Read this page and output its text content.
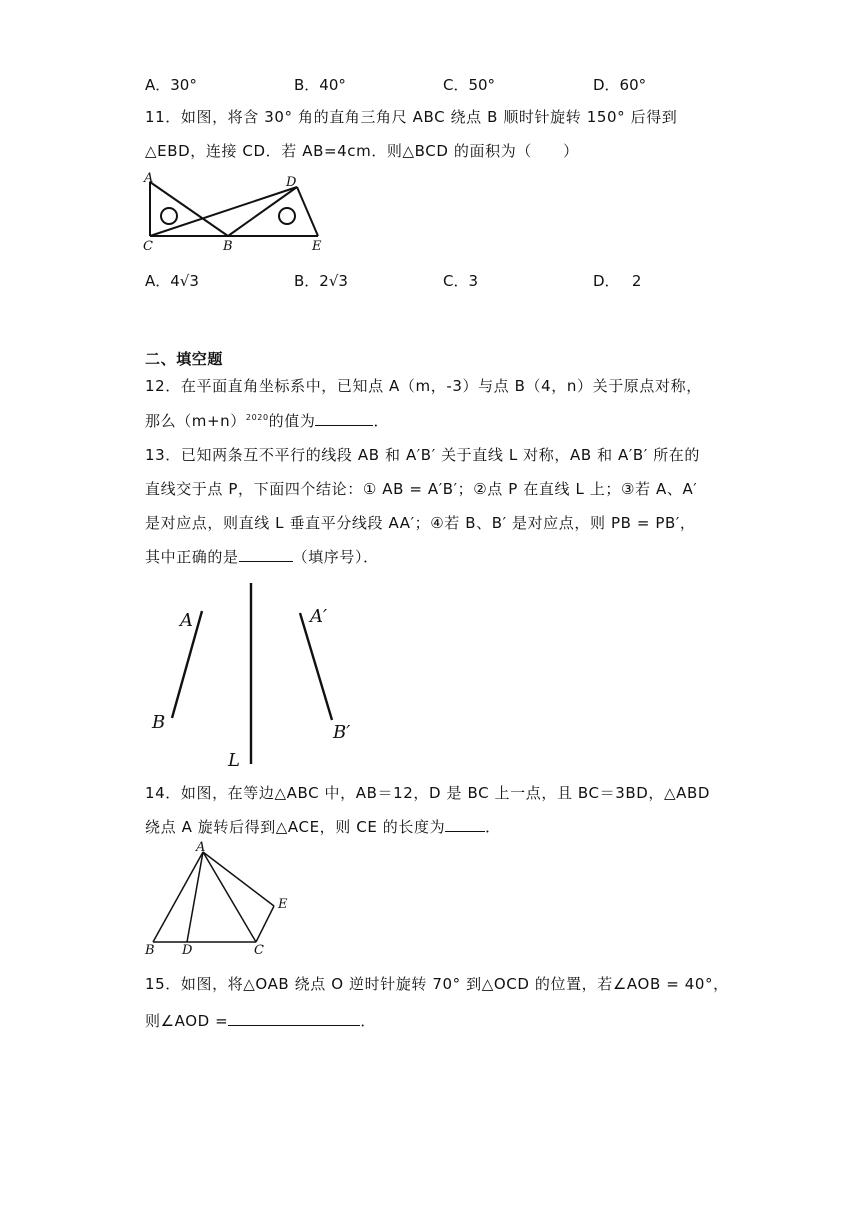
A．30°	B．40°	C．50°	D．60°
11．如图，将含 30° 角的直角三角尺 ABC 绕点 B 顺时针旋转 150° 后得到
△EBD，连接 CD．若 AB=4cm．则△BCD 的面积为（　　）
A	D
C	B	E
A．4√3	B．2√3	C．3	D．　 2
二、填空题
12．在平面直角坐标系中，已知点 A（m，-3）与点 B（4，n）关于原点对称，
那么$(m+n)^{2020}$的值为	．
13．已知两条互不平行的线段 AB 和 A′B′ 关于直线 L 对称，AB 和 A′B′ 所在的
直线交于点 P，下面四个结论：① AB = A′B′；②点 P 在直线 L 上；③若 A、A′
是对应点，则直线 L 垂直平分线段 AA′；④若 B、B′ 是对应点，则 PB = PB′，
其中正确的是	（填序号）．
A
B
A′
B′
L
14．如图，在等边△ABC 中，AB＝12，D 是 BC 上一点，且 BC＝3BD，△ABD
绕点 A 旋转后得到△ACE，则 CE 的长度为	．
A
B D	C
E
15．如图，将△OAB 绕点 O 逆时针旋转 70° 到△OCD 的位置，若∠AOB = 40°，
则∠AOD =	．
